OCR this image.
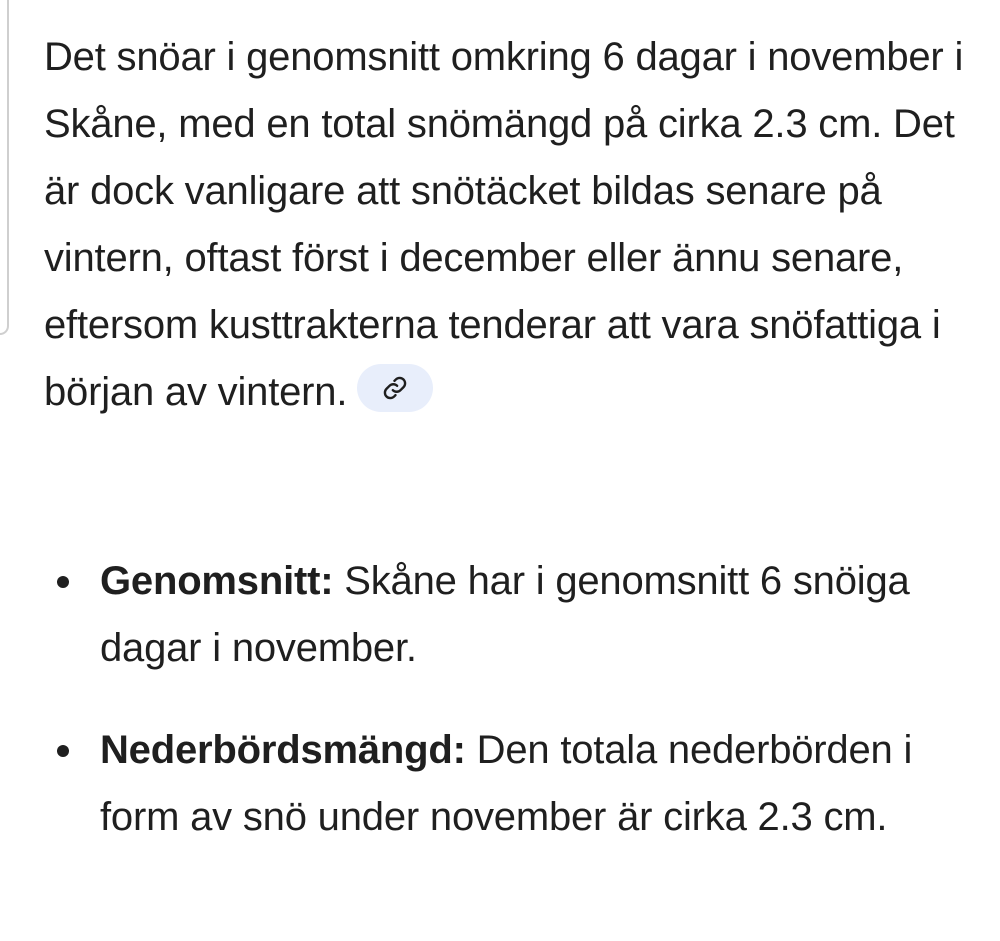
Det snöar i genomsnitt omkring 6 dagar i november i Skåne, med en total snömängd på cirka 2.3 cm. Det är dock vanligare att snötäcket bildas senare på vintern, oftast först i december eller ännu senare, eftersom kusttrakterna tenderar att vara snöfattiga i början av vintern.

Genomsnitt: Skåne har i genomsnitt 6 snöiga dagar i november.
Nederbördsmängd: Den totala nederbörden i form av snö under november är cirka 2.3 cm.
